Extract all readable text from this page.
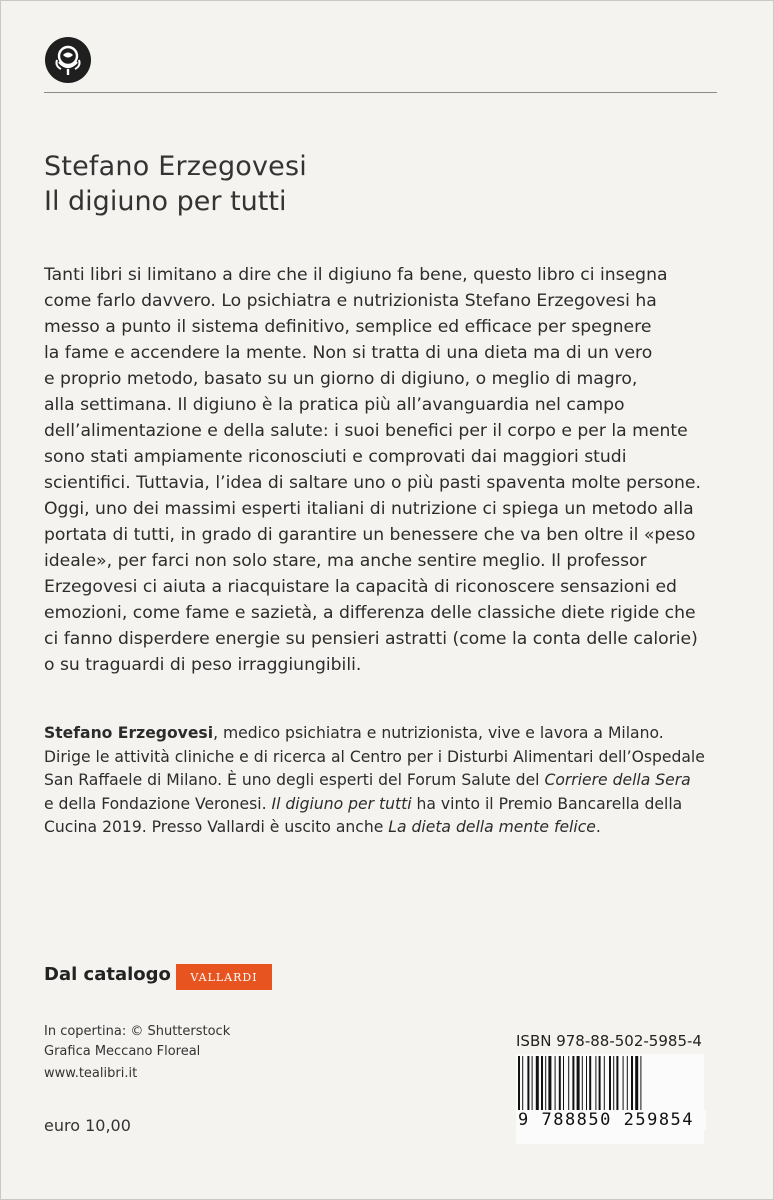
Stefano Erzegovesi
Il digiuno per tutti
Tanti libri si limitano a dire che il digiuno fa bene, questo libro ci insegna
come farlo davvero. Lo psichiatra e nutrizionista Stefano Erzegovesi ha
messo a punto il sistema definitivo, semplice ed efficace per spegnere
la fame e accendere la mente. Non si tratta di una dieta ma di un vero
e proprio metodo, basato su un giorno di digiuno, o meglio di magro,
alla settimana. Il digiuno è la pratica più all’avanguardia nel campo
dell’alimentazione e della salute: i suoi benefici per il corpo e per la mente
sono stati ampiamente riconosciuti e comprovati dai maggiori studi
scientifici. Tuttavia, l’idea di saltare uno o più pasti spaventa molte persone.
Oggi, uno dei massimi esperti italiani di nutrizione ci spiega un metodo alla
portata di tutti, in grado di garantire un benessere che va ben oltre il «peso
ideale», per farci non solo stare, ma anche sentire meglio. Il professor
Erzegovesi ci aiuta a riacquistare la capacità di riconoscere sensazioni ed
emozioni, come fame e sazietà, a differenza delle classiche diete rigide che
ci fanno disperdere energie su pensieri astratti (come la conta delle calorie)
o su traguardi di peso irraggiungibili.
Stefano Erzegovesi, medico psichiatra e nutrizionista, vive e lavora a Milano.
Dirige le attività cliniche e di ricerca al Centro per i Disturbi Alimentari dell’Ospedale
San Raffaele di Milano. È uno degli esperti del Forum Salute del Corriere della Sera
e della Fondazione Veronesi. Il digiuno per tutti ha vinto il Premio Bancarella della
Cucina 2019. Presso Vallardi è uscito anche La dieta della mente felice.
Dal catalogo	VALLARDI
In copertina: © Shutterstock
Grafica Meccano Floreal
www.tealibri.it
euro 10,00
ISBN 978-88-502-5985-4
9 788850 259854
